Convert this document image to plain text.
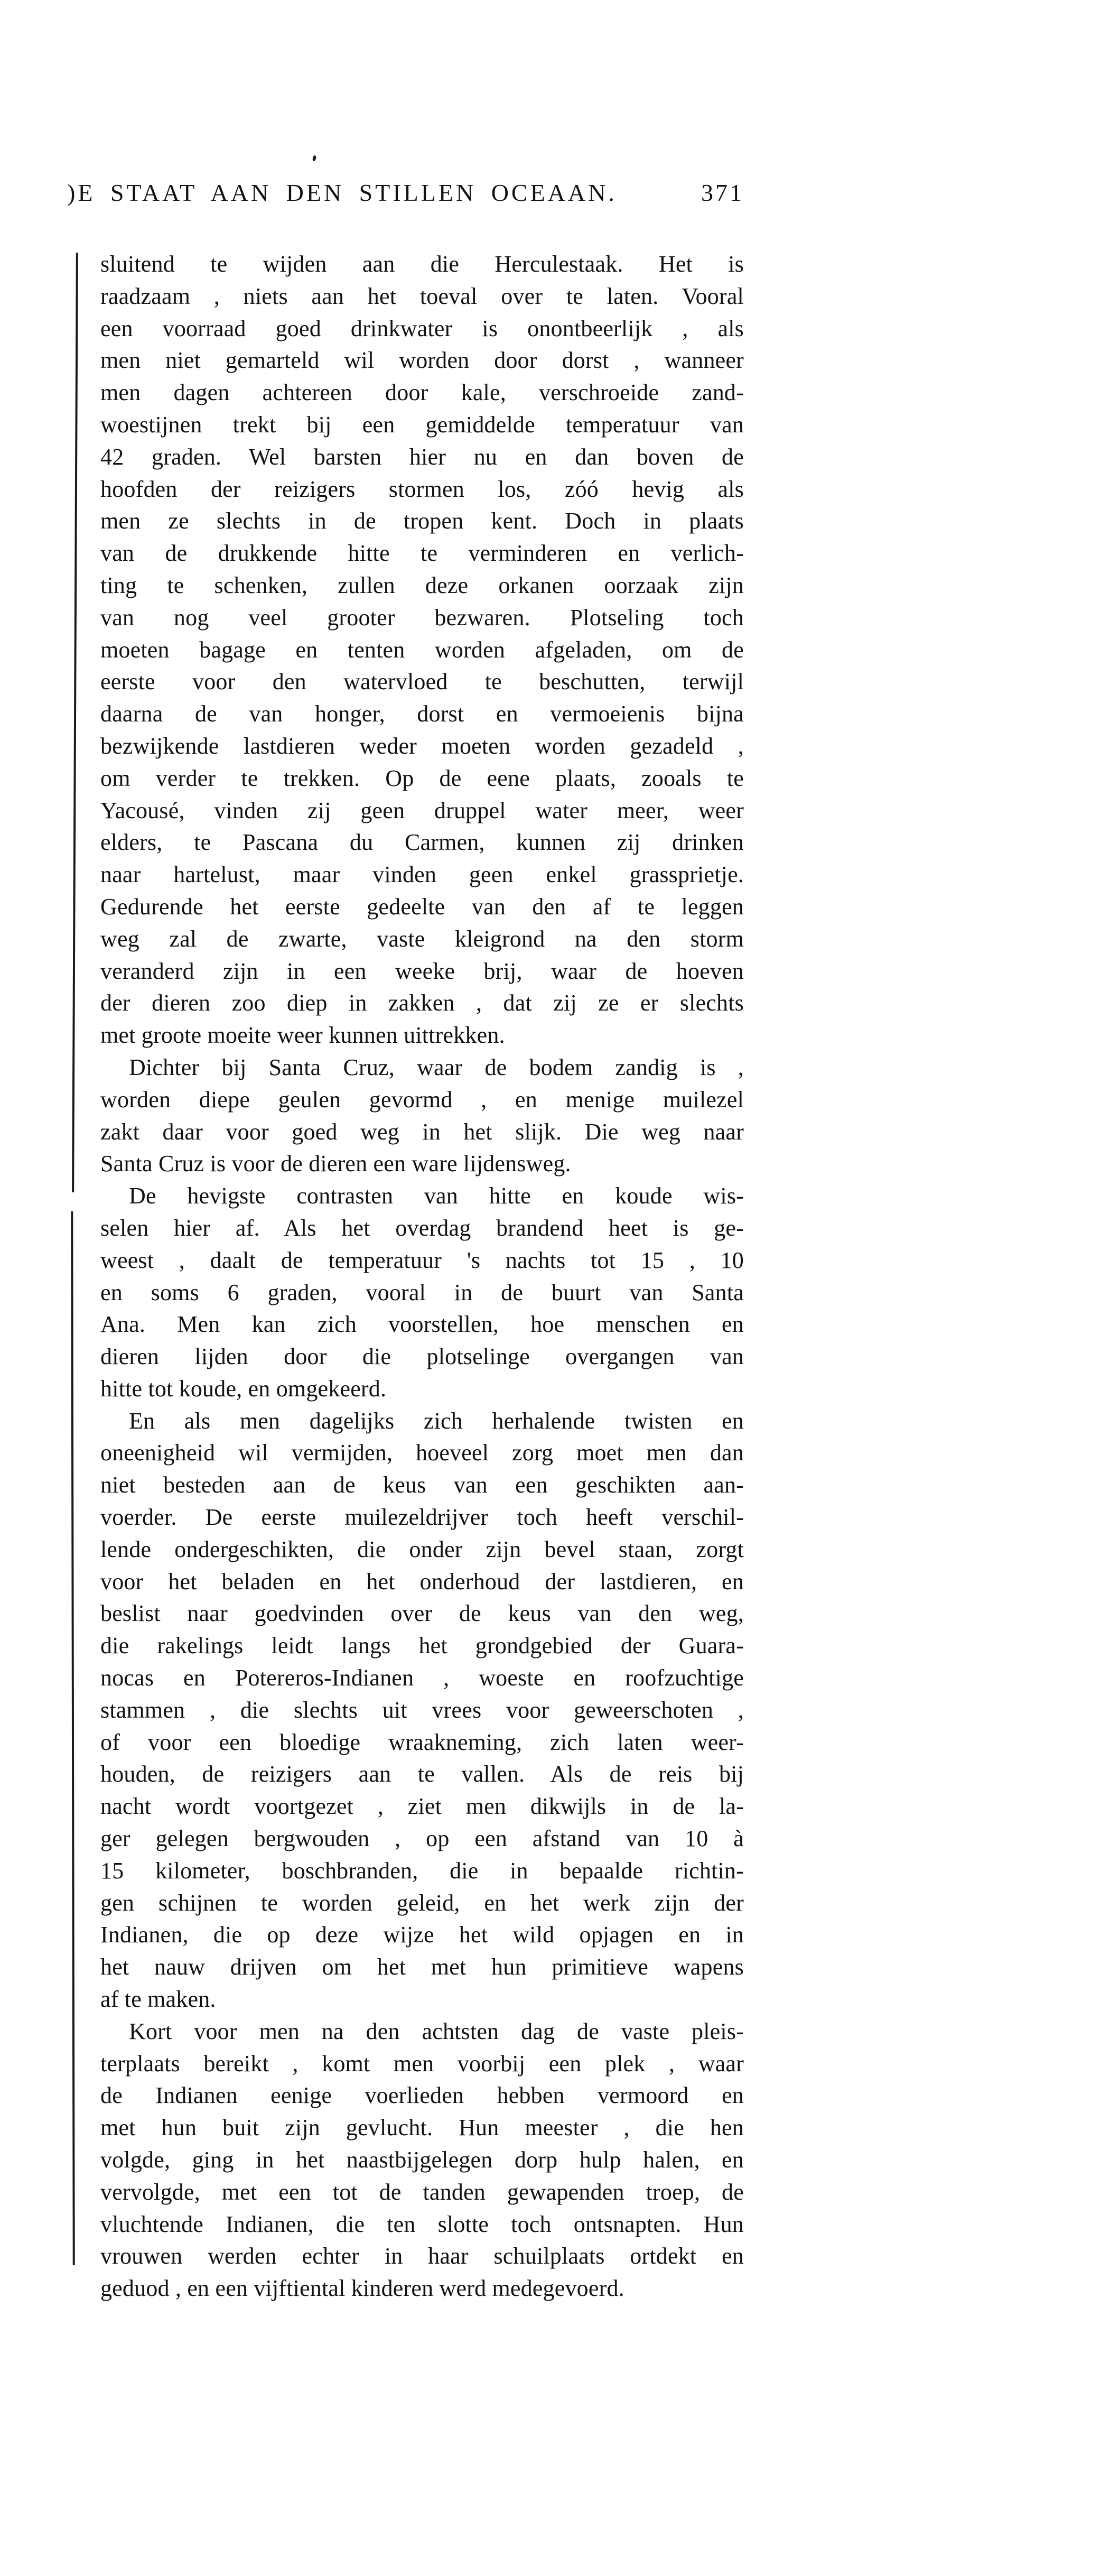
)E STAAT AAN DEN STILLEN OCEAAN.	371
sluitend te wijden aan die Herculestaak. Het is
raadzaam , niets aan het toeval over te laten. Vooral
een voorraad goed drinkwater is onontbeerlijk , als
men niet gemarteld wil worden door dorst , wanneer
men dagen achtereen door kale, verschroeide zand-
woestijnen trekt bij een gemiddelde temperatuur van
42 graden. Wel barsten hier nu en dan boven de
hoofden der reizigers stormen los, zóó hevig als
men ze slechts in de tropen kent. Doch in plaats
van de drukkende hitte te verminderen en verlich-
ting te schenken, zullen deze orkanen oorzaak zijn
van nog veel grooter bezwaren. Plotseling toch
moeten bagage en tenten worden afgeladen, om de
eerste voor den watervloed te beschutten, terwijl
daarna de van honger, dorst en vermoeienis bijna
bezwijkende lastdieren weder moeten worden gezadeld ,
om verder te trekken. Op de eene plaats, zooals te
Yacousé, vinden zij geen druppel water meer, weer
elders, te Pascana du Carmen, kunnen zij drinken
naar hartelust, maar vinden geen enkel grassprietje.
Gedurende het eerste gedeelte van den af te leggen
weg zal de zwarte, vaste kleigrond na den storm
veranderd zijn in een weeke brij, waar de hoeven
der dieren zoo diep in zakken , dat zij ze er slechts
met groote moeite weer kunnen uittrekken.
Dichter bij Santa Cruz, waar de bodem zandig is ,
worden diepe geulen gevormd , en menige muilezel
zakt daar voor goed weg in het slijk. Die weg naar
Santa Cruz is voor de dieren een ware lijdensweg.
De hevigste contrasten van hitte en koude wis-
selen hier af. Als het overdag brandend heet is ge-
weest , daalt de temperatuur 's nachts tot 15 , 10
en soms 6 graden, vooral in de buurt van Santa
Ana. Men kan zich voorstellen, hoe menschen en
dieren lijden door die plotselinge overgangen van
hitte tot koude, en omgekeerd.
En als men dagelijks zich herhalende twisten en
oneenigheid wil vermijden, hoeveel zorg moet men dan
niet besteden aan de keus van een geschikten aan-
voerder. De eerste muilezeldrijver toch heeft verschil-
lende ondergeschikten, die onder zijn bevel staan, zorgt
voor het beladen en het onderhoud der lastdieren, en
beslist naar goedvinden over de keus van den weg,
die rakelings leidt langs het grondgebied der Guara-
nocas en Potereros-Indianen , woeste en roofzuchtige
stammen , die slechts uit vrees voor geweerschoten ,
of voor een bloedige wraakneming, zich laten weer-
houden, de reizigers aan te vallen. Als de reis bij
nacht wordt voortgezet , ziet men dikwijls in de la-
ger gelegen bergwouden , op een afstand van 10 à
15 kilometer, boschbranden, die in bepaalde richtin-
gen schijnen te worden geleid, en het werk zijn der
Indianen, die op deze wijze het wild opjagen en in
het nauw drijven om het met hun primitieve wapens
af te maken.
Kort voor men na den achtsten dag de vaste pleis-
terplaats bereikt , komt men voorbij een plek , waar
de Indianen eenige voerlieden hebben vermoord en
met hun buit zijn gevlucht. Hun meester , die hen
volgde, ging in het naastbijgelegen dorp hulp halen, en
vervolgde, met een tot de tanden gewapenden troep, de
vluchtende Indianen, die ten slotte toch ontsnapten. Hun
vrouwen werden echter in haar schuilplaats ortdekt en
geduod , en een vijftiental kinderen werd medegevoerd.
